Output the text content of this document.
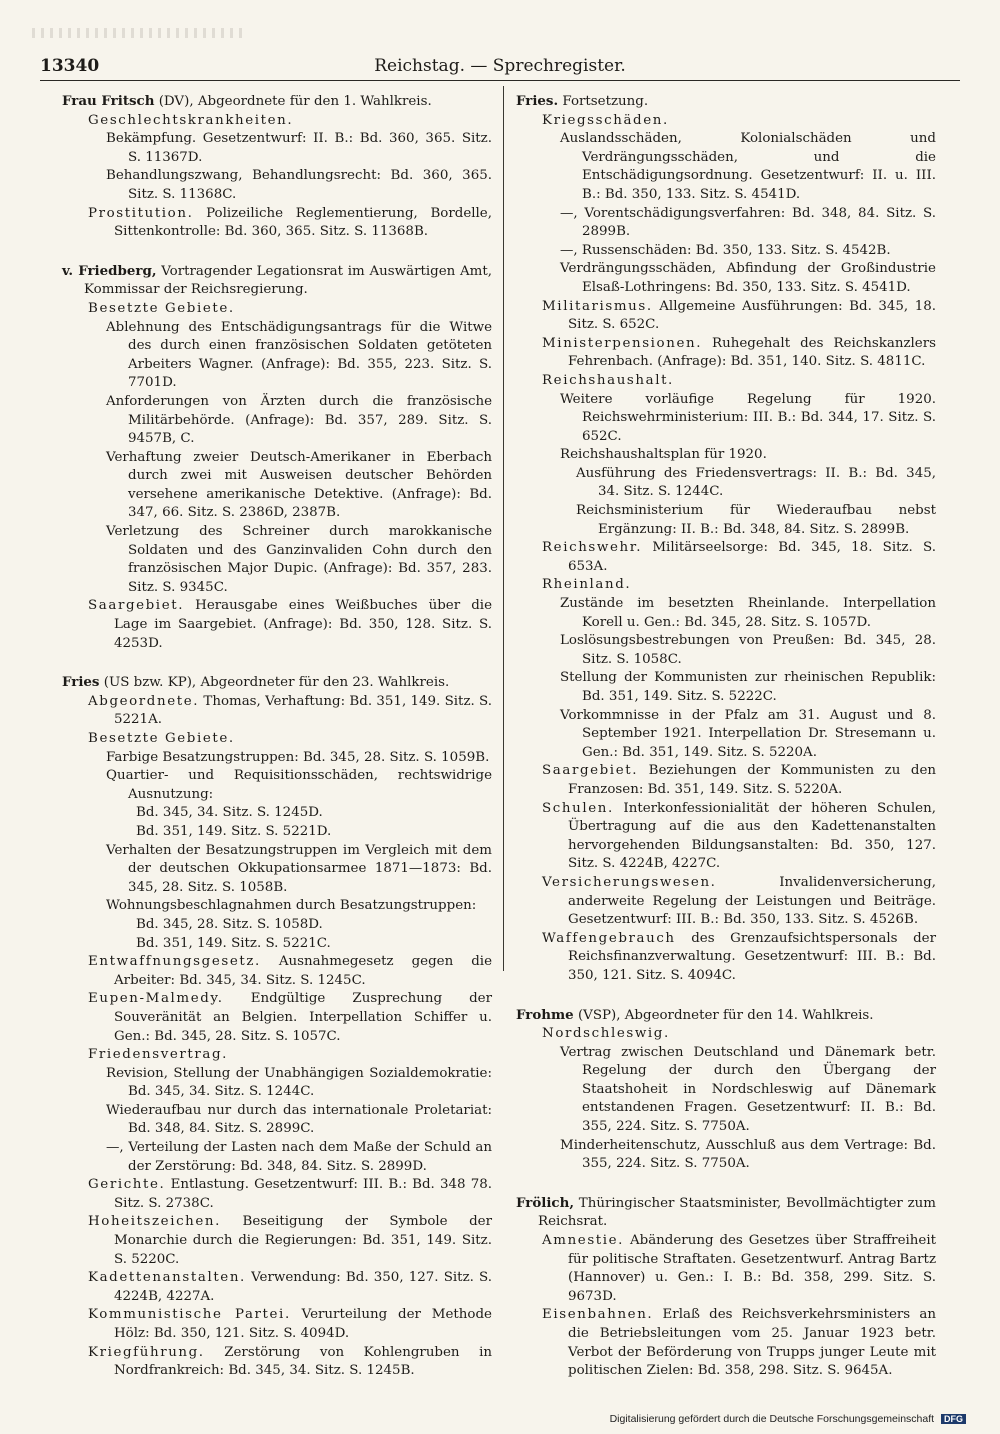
13340	Reichstag. — Sprechregister.
Frau Fritsch (DV), Abgeordnete für den 1. Wahlkreis.
Geschlechtskrankheiten.
Bekämpfung. Gesetzentwurf: II. B.: Bd. 360, 365. Sitz. S. 11367D.
Behandlungszwang, Behandlungsrecht: Bd. 360, 365. Sitz. S. 11368C.
Prostitution. Polizeiliche Reglementierung, Bordelle, Sittenkontrolle: Bd. 360, 365. Sitz. S. 11368B.
v. Friedberg, Vortragender Legationsrat im Auswärtigen Amt, Kommissar der Reichsregierung.
Besetzte Gebiete.
Ablehnung des Entschädigungsantrags für die Witwe des durch einen französischen Soldaten getöteten Arbeiters Wagner. (Anfrage): Bd. 355, 223. Sitz. S. 7701D.
Anforderungen von Ärzten durch die französische Militärbehörde. (Anfrage): Bd. 357, 289. Sitz. S. 9457B, C.
Verhaftung zweier Deutsch-Amerikaner in Eberbach durch zwei mit Ausweisen deutscher Behörden versehene amerikanische Detektive. (Anfrage): Bd. 347, 66. Sitz. S. 2386D, 2387B.
Verletzung des Schreiner durch marokkanische Soldaten und des Ganzinvaliden Cohn durch den französischen Major Dupic. (Anfrage): Bd. 357, 283. Sitz. S. 9345C.
Saargebiet. Herausgabe eines Weißbuches über die Lage im Saargebiet. (Anfrage): Bd. 350, 128. Sitz. S. 4253D.
Fries (US bzw. KP), Abgeordneter für den 23. Wahlkreis.
Abgeordnete. Thomas, Verhaftung: Bd. 351, 149. Sitz. S. 5221A.
Besetzte Gebiete.
Farbige Besatzungstruppen: Bd. 345, 28. Sitz. S. 1059B.
Quartier- und Requisitionsschäden, rechtswidrige Ausnutzung:
Bd. 345, 34. Sitz. S. 1245D.
Bd. 351, 149. Sitz. S. 5221D.
Verhalten der Besatzungstruppen im Vergleich mit dem der deutschen Okkupationsarmee 1871—1873: Bd. 345, 28. Sitz. S. 1058B.
Wohnungsbeschlagnahmen durch Besatzungstruppen:
Bd. 345, 28. Sitz. S. 1058D.
Bd. 351, 149. Sitz. S. 5221C.
Entwaffnungsgesetz. Ausnahmegesetz gegen die Arbeiter: Bd. 345, 34. Sitz. S. 1245C.
Eupen-Malmedy. Endgültige Zusprechung der Souveränität an Belgien. Interpellation Schiffer u. Gen.: Bd. 345, 28. Sitz. S. 1057C.
Friedensvertrag.
Revision, Stellung der Unabhängigen Sozialdemokratie: Bd. 345, 34. Sitz. S. 1244C.
Wiederaufbau nur durch das internationale Proletariat: Bd. 348, 84. Sitz. S. 2899C.
—, Verteilung der Lasten nach dem Maße der Schuld an der Zerstörung: Bd. 348, 84. Sitz. S. 2899D.
Gerichte. Entlastung. Gesetzentwurf: III. B.: Bd. 348 78. Sitz. S. 2738C.
Hoheitszeichen. Beseitigung der Symbole der Monarchie durch die Regierungen: Bd. 351, 149. Sitz. S. 5220C.
Kadettenanstalten. Verwendung: Bd. 350, 127. Sitz. S. 4224B, 4227A.
Kommunistische Partei. Verurteilung der Methode Hölz: Bd. 350, 121. Sitz. S. 4094D.
Kriegführung. Zerstörung von Kohlengruben in Nordfrankreich: Bd. 345, 34. Sitz. S. 1245B.
Fries. Fortsetzung.
Kriegsschäden.
Auslandsschäden, Kolonialschäden und Verdrängungsschäden, und die Entschädigungsordnung. Gesetzentwurf: II. u. III. B.: Bd. 350, 133. Sitz. S. 4541D.
—, Vorentschädigungsverfahren: Bd. 348, 84. Sitz. S. 2899B.
—, Russenschäden: Bd. 350, 133. Sitz. S. 4542B.
Verdrängungsschäden, Abfindung der Großindustrie Elsaß-Lothringens: Bd. 350, 133. Sitz. S. 4541D.
Militarismus. Allgemeine Ausführungen: Bd. 345, 18. Sitz. S. 652C.
Ministerpensionen. Ruhegehalt des Reichskanzlers Fehrenbach. (Anfrage): Bd. 351, 140. Sitz. S. 4811C.
Reichshaushalt.
Weitere vorläufige Regelung für 1920. Reichswehrministerium: III. B.: Bd. 344, 17. Sitz. S. 652C.
Reichshaushaltsplan für 1920.
Ausführung des Friedensvertrags: II. B.: Bd. 345, 34. Sitz. S. 1244C.
Reichsministerium für Wiederaufbau nebst Ergänzung: II. B.: Bd. 348, 84. Sitz. S. 2899B.
Reichswehr. Militärseelsorge: Bd. 345, 18. Sitz. S. 653A.
Rheinland.
Zustände im besetzten Rheinlande. Interpellation Korell u. Gen.: Bd. 345, 28. Sitz. S. 1057D.
Loslösungsbestrebungen von Preußen: Bd. 345, 28. Sitz. S. 1058C.
Stellung der Kommunisten zur rheinischen Republik: Bd. 351, 149. Sitz. S. 5222C.
Vorkommnisse in der Pfalz am 31. August und 8. September 1921. Interpellation Dr. Stresemann u. Gen.: Bd. 351, 149. Sitz. S. 5220A.
Saargebiet. Beziehungen der Kommunisten zu den Franzosen: Bd. 351, 149. Sitz. S. 5220A.
Schulen. Interkonfessionialität der höheren Schulen, Übertragung auf die aus den Kadettenanstalten hervorgehenden Bildungsanstalten: Bd. 350, 127. Sitz. S. 4224B, 4227C.
Versicherungswesen. Invalidenversicherung, anderweite Regelung der Leistungen und Beiträge. Gesetzentwurf: III. B.: Bd. 350, 133. Sitz. S. 4526B.
Waffengebrauch des Grenzaufsichtspersonals der Reichsfinanzverwaltung. Gesetzentwurf: III. B.: Bd. 350, 121. Sitz. S. 4094C.
Frohme (VSP), Abgeordneter für den 14. Wahlkreis.
Nordschleswig.
Vertrag zwischen Deutschland und Dänemark betr. Regelung der durch den Übergang der Staatshoheit in Nordschleswig auf Dänemark entstandenen Fragen. Gesetzentwurf: II. B.: Bd. 355, 224. Sitz. S. 7750A.
Minderheitenschutz, Ausschluß aus dem Vertrage: Bd. 355, 224. Sitz. S. 7750A.
Frölich, Thüringischer Staatsminister, Bevollmächtigter zum Reichsrat.
Amnestie. Abänderung des Gesetzes über Straffreiheit für politische Straftaten. Gesetzentwurf. Antrag Bartz (Hannover) u. Gen.: I. B.: Bd. 358, 299. Sitz. S. 9673D.
Eisenbahnen. Erlaß des Reichsverkehrsministers an die Betriebsleitungen vom 25. Januar 1923 betr. Verbot der Beförderung von Trupps junger Leute mit politischen Zielen: Bd. 358, 298. Sitz. S. 9645A.
Digitalisierung gefördert durch die Deutsche Forschungsgemeinschaft DFG
